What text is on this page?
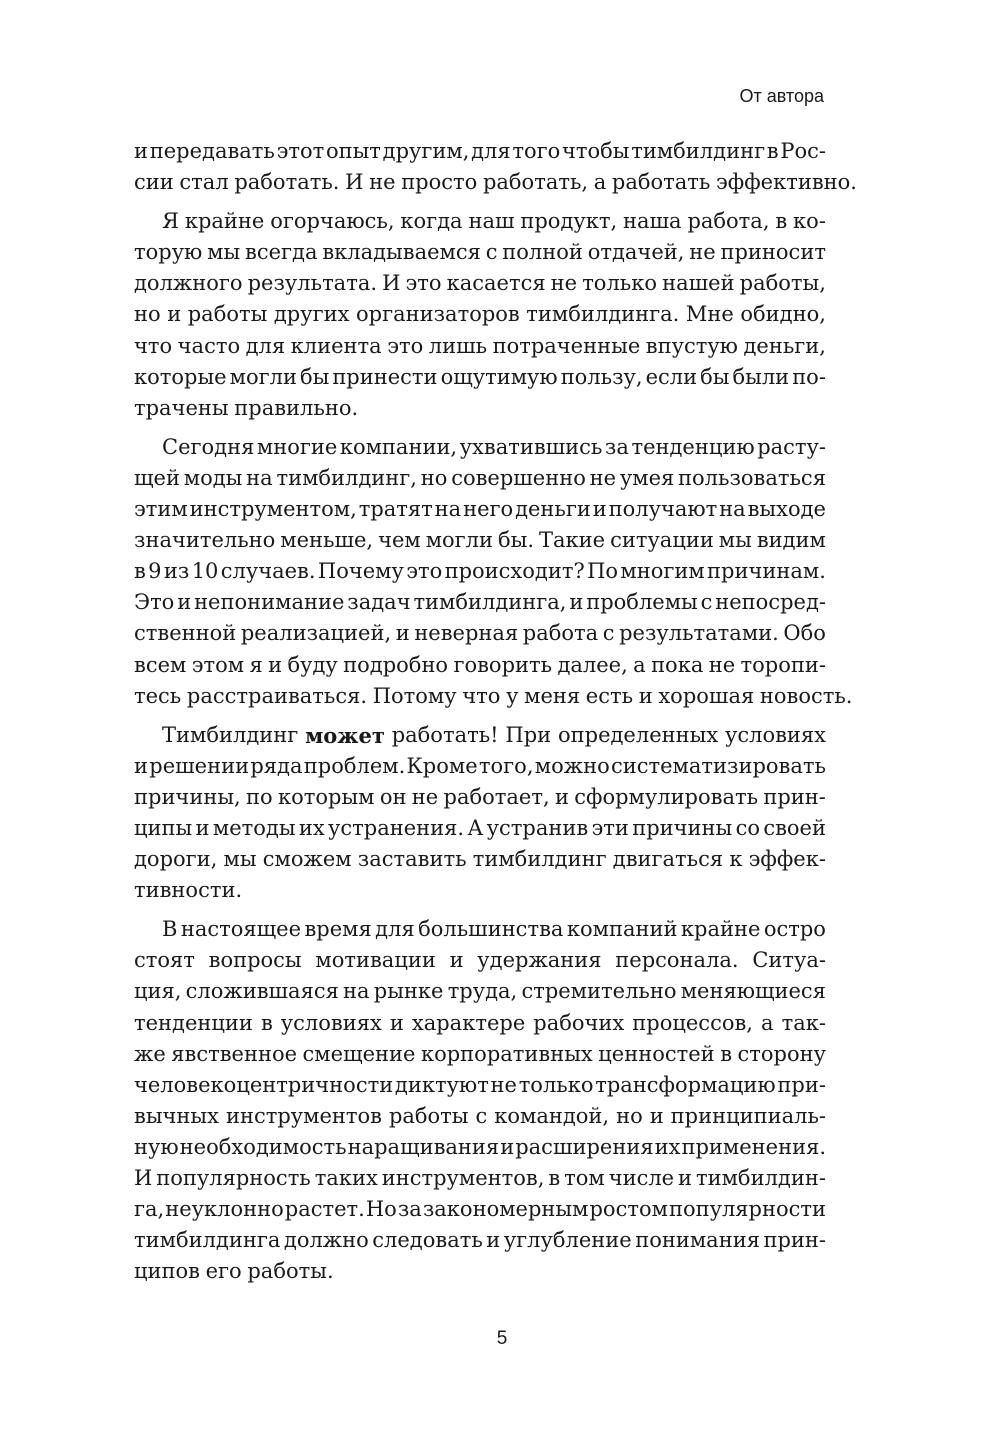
От автора

и передавать этот опыт другим, для того чтобы тимбилдинг в Рос-

сии стал работать. И не просто работать, а работать эффективно.

Я крайне огорчаюсь, когда наш продукт, наша работа, в ко-

торую мы всегда вкладываемся с полной отдачей, не приносит

должного результата. И это касается не только нашей работы,

но и работы других организаторов тимбилдинга. Мне обидно,

что часто для клиента это лишь потраченные впустую деньги,

которые могли бы принести ощутимую пользу, если бы были по-

трачены правильно.

Сегодня многие компании, ухватившись за тенденцию расту-

щей моды на тимбилдинг, но совершенно не умея пользоваться

этим инструментом, тратят на него деньги и получают на выходе

значительно меньше, чем могли бы. Такие ситуации мы видим

в 9 из 10 случаев. Почему это происходит? По многим причинам.

Это и непонимание задач тимбилдинга, и проблемы с непосред-

ственной реализацией, и неверная работа с результатами. Обо

всем этом я и буду подробно говорить далее, а пока не торопи-

тесь расстраиваться. Потому что у меня есть и хорошая новость.

Тимбилдинг может работать! При определенных условиях

и решении ряда проблем. Кроме того, можно систематизировать

причины, по которым он не работает, и сформулировать прин-

ципы и методы их устранения. А устранив эти причины со своей

дороги, мы сможем заставить тимбилдинг двигаться к эффек-

тивности.

В настоящее время для большинства компаний крайне остро

стоят вопросы мотивации и удержания персонала. Ситуа-

ция, сложившаяся на рынке труда, стремительно меняющиеся

тенденции в условиях и характере рабочих процессов, а так-

же явственное смещение корпоративных ценностей в сторону

человекоцентричности диктуют не только трансформацию при-

вычных инструментов работы с командой, но и принципиаль-

ную необходимость наращивания и расширения их применения.

И популярность таких инструментов, в том числе и тимбилдин-

га, неуклонно растет. Но за закономерным ростом популярности

тимбилдинга должно следовать и углубление понимания прин-

ципов его работы.

5
